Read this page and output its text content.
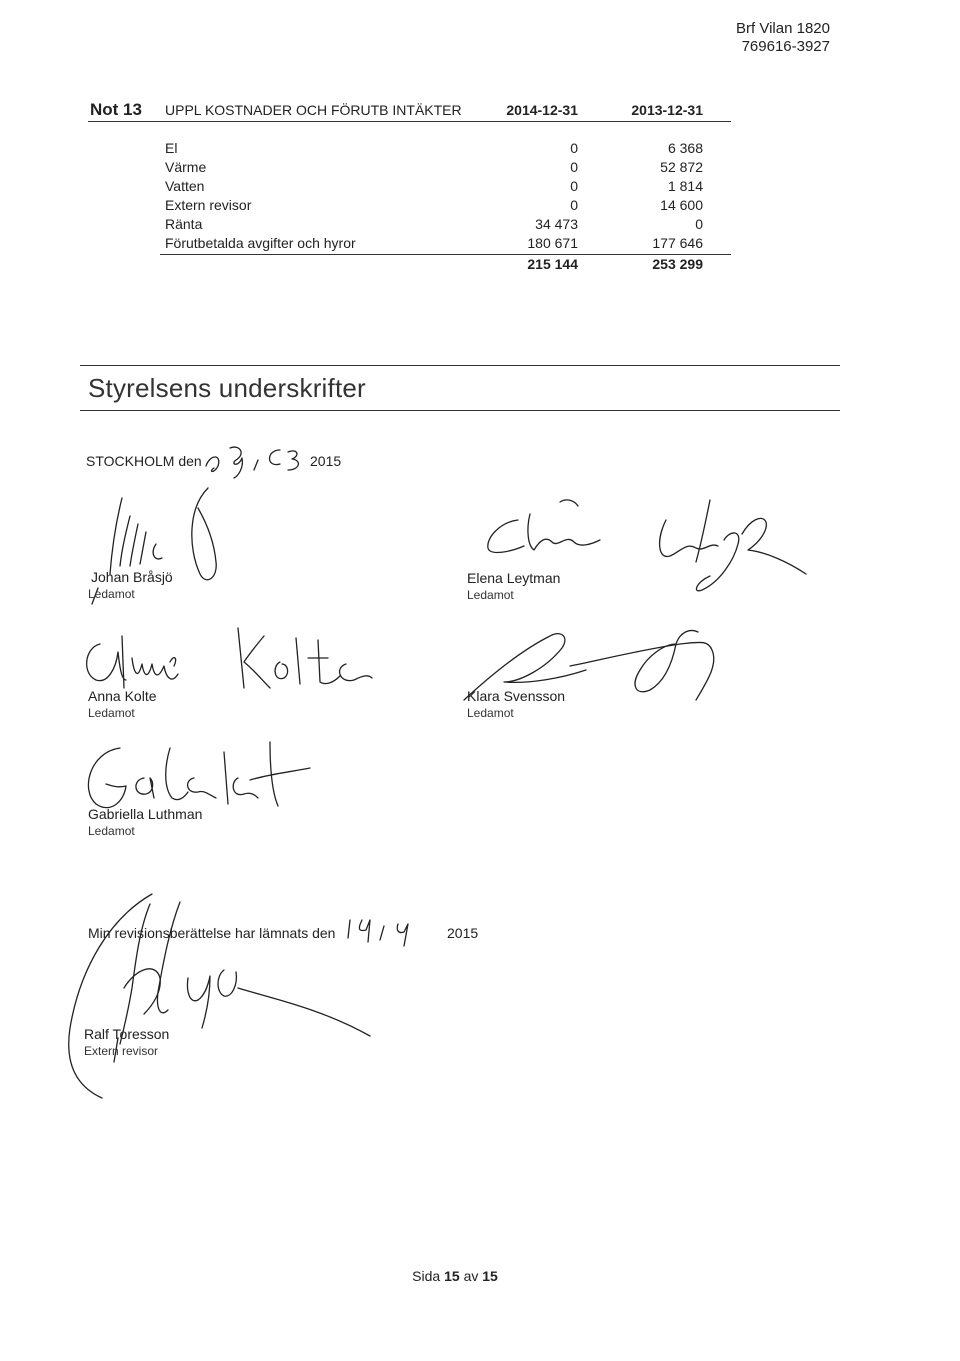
Brf Vilan 1820
769616-3927
Not 13 UPPL KOSTNADER OCH FÖRUTB INTÄKTER	2014-12-31	2013-12-31
El	0	6 368
Värme	0	52 872
Vatten	0	1 814
Extern revisor	0	14 600
Ränta	34 473	0
Förutbetalda avgifter och hyror	180 671	177 646
215 144	253 299
Styrelsens underskrifter
STOCKHOLM den	2015
Johan Bråsjö
Ledamot
Elena Leytman
Ledamot
Anna Kolte
Ledamot
Klara Svensson
Ledamot
Gabriella Luthman
Ledamot
Min revisionsberättelse har lämnats den	2015
Ralf Toresson
Extern revisor
Sida 15 av 15
